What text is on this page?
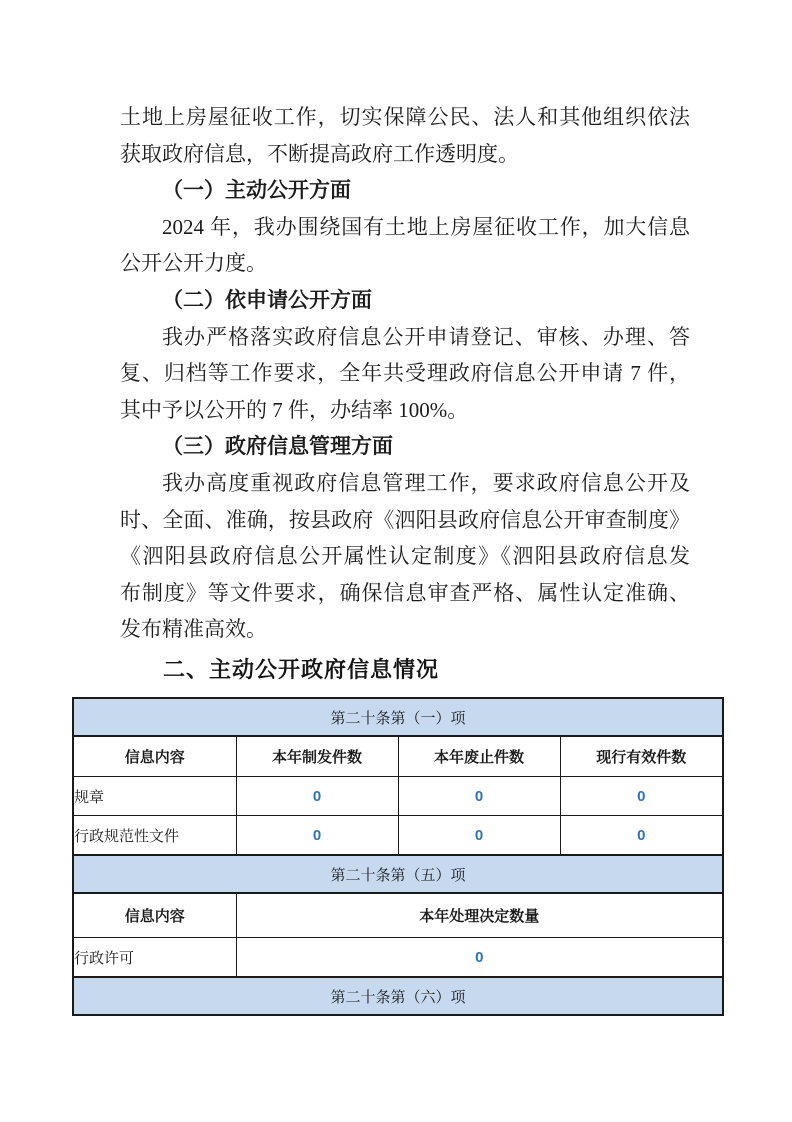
土地上房屋征收工作，切实保障公民、法人和其他组织依法
获取政府信息，不断提高政府工作透明度。
（一）主动公开方面
2024 年，我办围绕国有土地上房屋征收工作，加大信息
公开公开力度。
（二）依申请公开方面
我办严格落实政府信息公开申请登记、审核、办理、答
复、归档等工作要求，全年共受理政府信息公开申请 7 件，
其中予以公开的 7 件，办结率 100%。
（三）政府信息管理方面
我办高度重视政府信息管理工作，要求政府信息公开及
时、全面、准确，按县政府《泗阳县政府信息公开审查制度》
《泗阳县政府信息公开属性认定制度》《泗阳县政府信息发
布制度》等文件要求，确保信息审查严格、属性认定准确、
发布精准高效。
二、主动公开政府信息情况
第二十条第（一）项			
信息内容	本年制发件数	本年废止件数	现行有效件数
规章	0	0	0
行政规范性文件	0	0	0
第二十条第（五）项			
信息内容	本年处理决定数量		
行政许可	0		
第二十条第（六）项			
